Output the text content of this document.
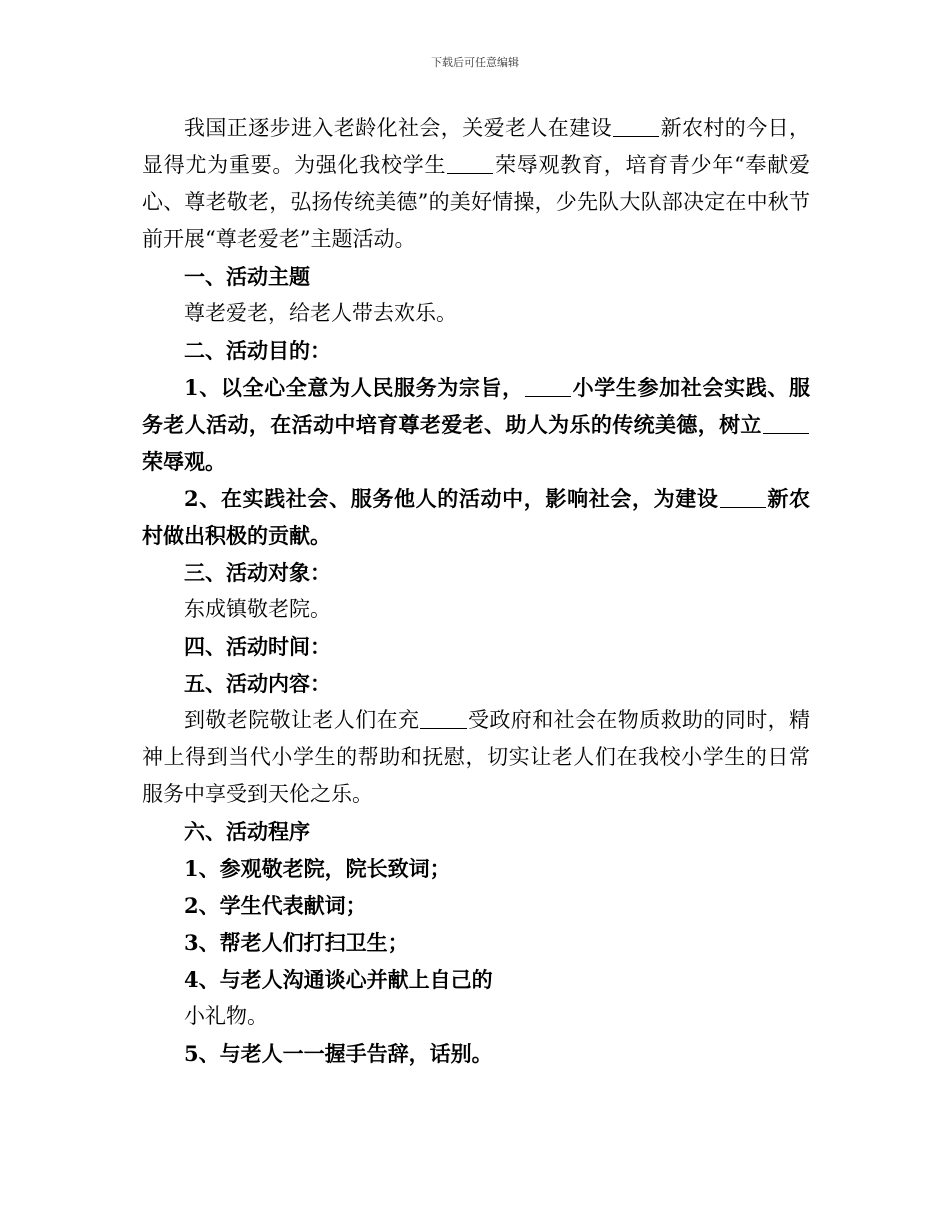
下载后可任意编辑

我国正逐步进入老龄化社会，关爱老人在建设 新农村的今日，显得尤为重要。为强化我校学生 荣辱观教育，培育青少年“奉献爱心、尊老敬老，弘扬传统美德”的美好情操，少先队大队部决定在中秋节前开展“尊老爱老”主题活动。

一、活动主题

尊老爱老，给老人带去欢乐。

二、活动目的：

1、以全心全意为人民服务为宗旨， 小学生参加社会实践、服务老人活动，在活动中培育尊老爱老、助人为乐的传统美德，树立荣辱观。

2、在实践社会、服务他人的活动中，影响社会，为建设 新农村做出积极的贡献。

三、活动对象：

东成镇敬老院。

四、活动时间：

五、活动内容：

到敬老院敬让老人们在充 受政府和社会在物质救助的同时，精神上得到当代小学生的帮助和抚慰，切实让老人们在我校小学生的日常服务中享受到天伦之乐。

六、活动程序

1、参观敬老院，院长致词；

2、学生代表献词；

3、帮老人们打扫卫生；

4、与老人沟通谈心并献上自己的

小礼物。

5、与老人一一握手告辞，话别。
